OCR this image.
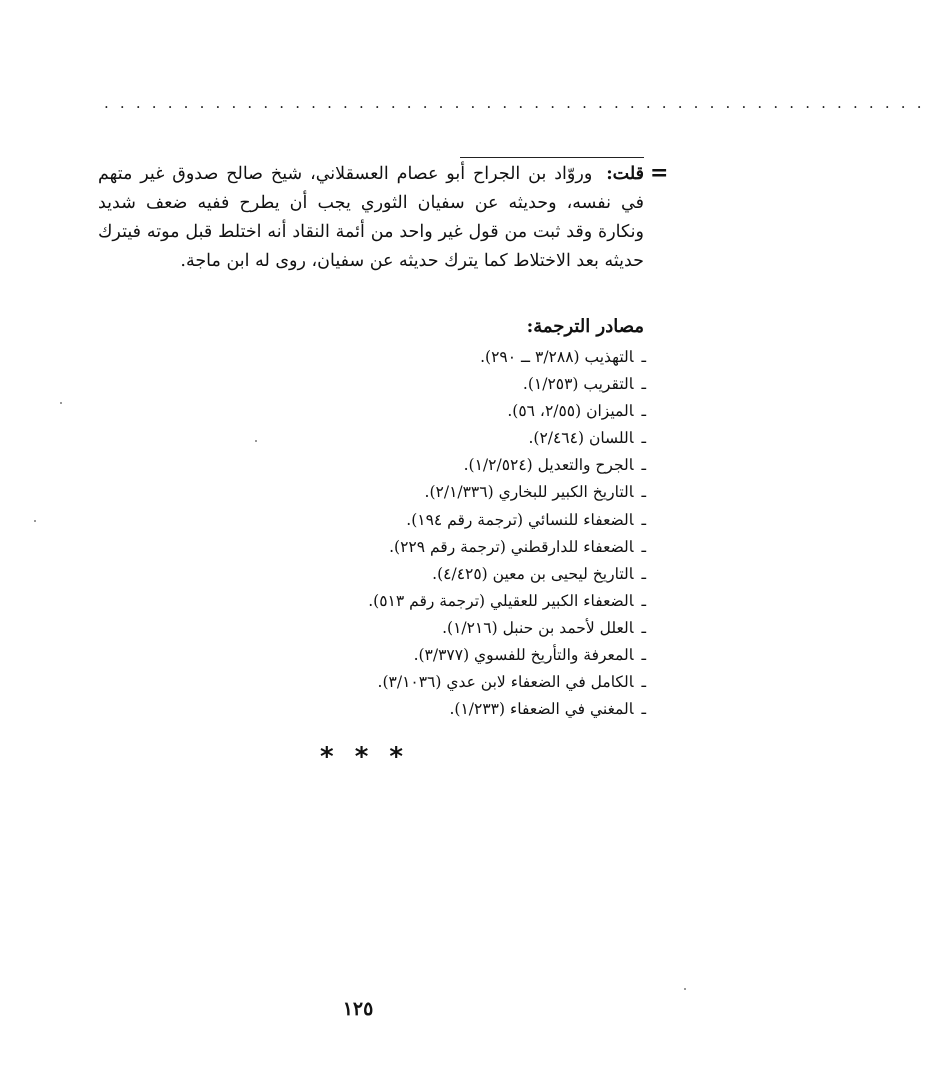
. . . . . . . . . . . . . . . . . . . . . . . . . . . . . . . . . . . . . . . . . . . . . . . . . . . .
=
قلت: وروّاد بن الجراح أبو عصام العسقلاني، شيخ صالح صدوق غير متهم في نفسه، وحديثه عن سفيان الثوري يجب أن يطرح ففيه ضعف شديد ونكارة وقد ثبت من قول غير واحد من أئمة النقاد أنه اختلط قبل موته فيترك حديثه بعد الاختلاط كما يترك حديثه عن سفيان، روى له ابن ماجة.
مصادر الترجمة:
ـالتهذيب (٣/٢٨٨ ــ ٢٩٠).
ـالتقريب (١/٢٥٣).
ـالميزان (٢/٥٥، ٥٦).
ـاللسان (٢/٤٦٤).
ـالجرح والتعديل (١/٢/٥٢٤).
ـالتاريخ الكبير للبخاري (٢/١/٣٣٦).
ـالضعفاء للنسائي (ترجمة رقم ١٩٤).
ـالضعفاء للدارقطني (ترجمة رقم ٢٢٩).
ـالتاريخ ليحيى بن معين (٤/٤٢٥).
ـالضعفاء الكبير للعقيلي (ترجمة رقم ٥١٣).
ـالعلل لأحمد بن حنبل (١/٢١٦).
ـالمعرفة والتأريخ للفسوي (٣/٣٧٧).
ـالكامل في الضعفاء لابن عدي (٣/١٠٣٦).
ـالمغني في الضعفاء (١/٢٣٣).
* * *
١٢٥
